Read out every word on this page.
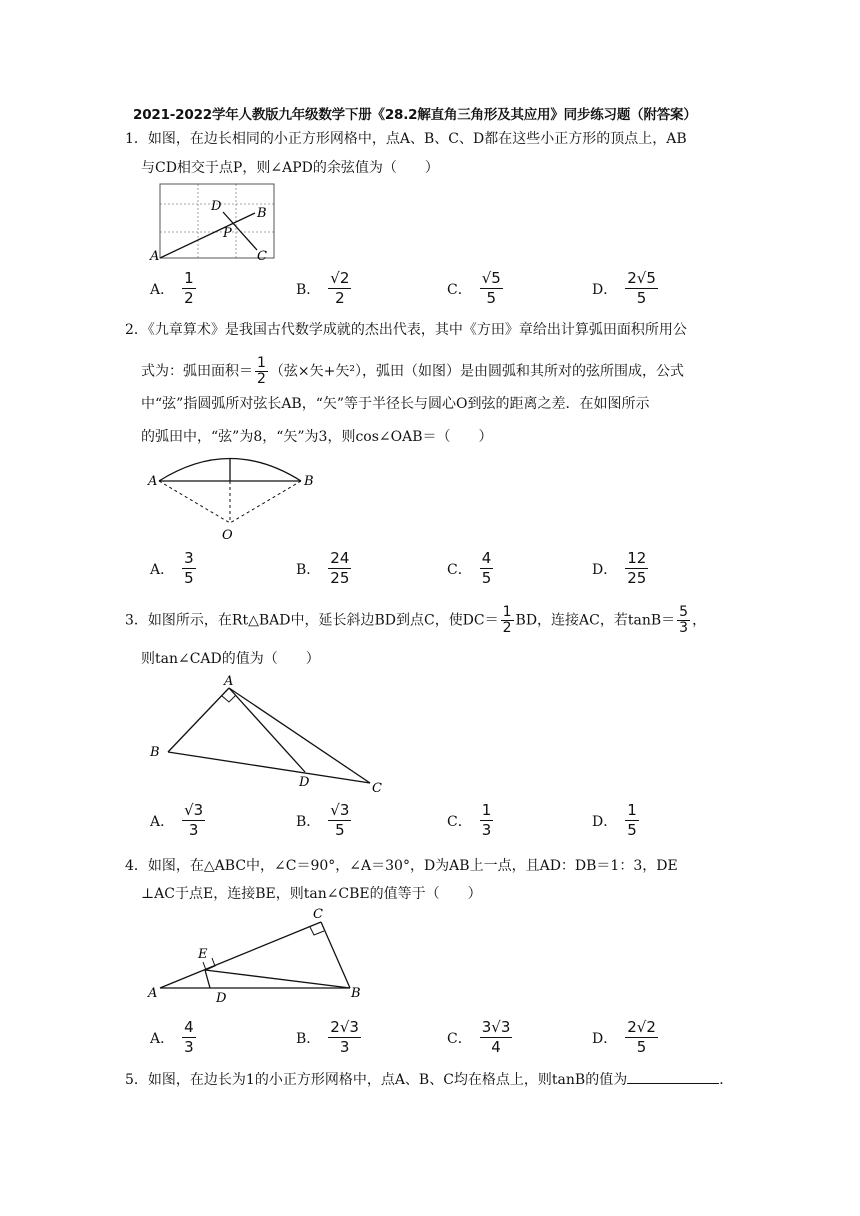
2021-2022学年人教版九年级数学下册《28.2解直角三角形及其应用》同步练习题（附答案）
1．如图，在边长相同的小正方形网格中，点A、B、C、D都在这些小正方形的顶点上，AB
与CD相交于点P，则∠APD的余弦值为（　　）
A
B
C
D
P
A． $\frac{1}{2}$	B． $\frac{√2}{2}$	C． $\frac{√5}{5}$	D． $\frac{2√5}{5}$
2．《九章算术》是我国古代数学成就的杰出代表，其中《方田》章给出计算弧田面积所用公
式为：弧田面积＝ $\frac{1}{2}$ （弦×矢+矢²），弧田（如图）是由圆弧和其所对的弦所围成，公式
中“弦”指圆弧所对弦长AB，“矢”等于半径长与圆心O到弦的距离之差．在如图所示
的弧田中，“弦”为8，“矢”为3，则cos∠OAB＝（　　）
A	B
O
A． $\frac{3}{5}$	B． $\frac{24}{25}$	C． $\frac{4}{5}$	D． $\frac{12}{25}$
3．如图所示，在Rt△BAD中，延长斜边BD到点C，使$DC= \frac{1}{2}$ BD，连接AC，若$\tan B= \frac{5}{3}$ ，
则tan∠CAD的值为（　　）
A
B
C
D
A． $\frac{√3}{3}$	B． $\frac{√3}{5}$	C． $\frac{1}{3}$	D． $\frac{1}{5}$
4．如图，在△ABC中，∠C＝90°，∠A＝30°，D为AB上一点，且AD：DB＝1：3，DE
⊥AC于点E，连接BE，则tan∠CBE的值等于（　　）
A	B
C
D
E
A． $\frac{4}{3}$	B． $\frac{2√3}{3}$	C． $\frac{3√3}{4}$	D． $\frac{2√2}{5}$
5．如图，在边长为1的小正方形网格中，点A、B、C均在格点上，则tanB的值为	．
